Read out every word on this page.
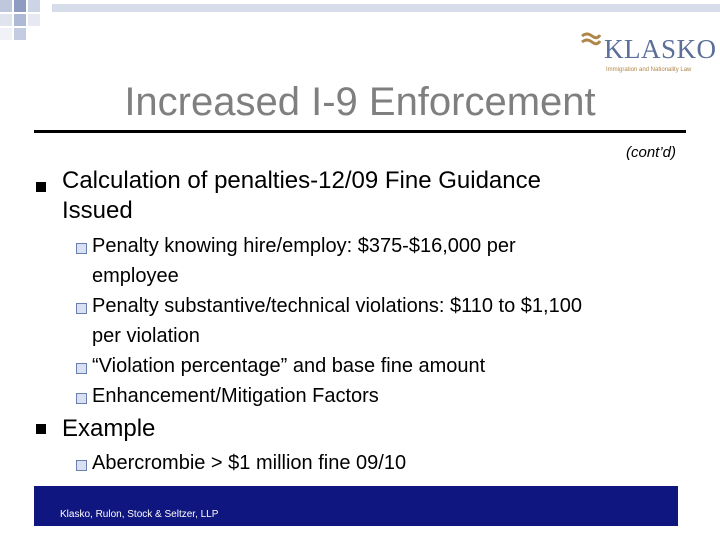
KLASKO
Immigration and Nationality Law
Increased I-9 Enforcement
(cont’d)
Calculation of penalties-12/09 Fine Guidance
Issued
Penalty knowing hire/employ: $375-$16,000 per
employee
Penalty substantive/technical violations: $110 to $1,100
per violation
“Violation percentage” and base fine amount
Enhancement/Mitigation Factors
Example
Abercrombie > $1 million fine 09/10
Klasko, Rulon, Stock & Seltzer, LLP
